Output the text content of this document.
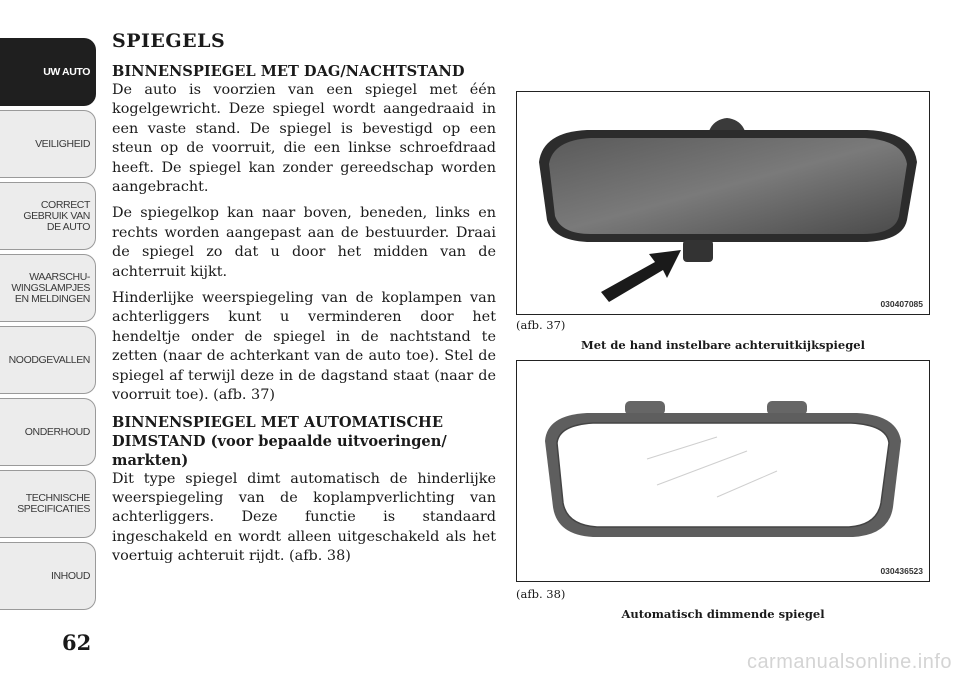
UW AUTO
VEILIGHEID
CORRECT
GEBRUIK VAN
DE AUTO
WAARSCHU-
WINGSLAMPJES
EN MELDINGEN
NOODGEVALLEN
ONDERHOUD
TECHNISCHE
SPECIFICATIES
INHOUD
62
SPIEGELS
BINNENSPIEGEL MET DAG/NACHTSTAND

De auto is voorzien van een spiegel met één kogelgewricht. Deze spiegel wordt aangedraaid in een vaste stand. De spiegel is bevestigd op een steun op de voorruit, die een linkse schroefdraad heeft. De spiegel kan zonder gereedschap worden aangebracht.

De spiegelkop kan naar boven, beneden, links en rechts worden aangepast aan de bestuurder. Draai de spiegel zo dat u door het midden van de achterruit kijkt.

Hinderlijke weerspiegeling van de koplampen van achterliggers kunt u verminderen door het hendeltje onder de spiegel in de nachtstand te zetten (naar de achterkant van de auto toe). Stel de spiegel af terwijl deze in de dagstand staat (naar de voorruit toe). (afb. 37)

BINNENSPIEGEL MET AUTOMATISCHE DIMSTAND (voor bepaalde uitvoeringen/ markten)

Dit type spiegel dimt automatisch de hinderlijke weerspiegeling van de koplampverlichting van achterliggers. Deze functie is standaard ingeschakeld en wordt alleen uitgeschakeld als het voertuig achteruit rijdt. (afb. 38)

030407085
(afb. 37)
Met de hand instelbare achteruitkijkspiegel
030436523
(afb. 38)
Automatisch dimmende spiegel
carmanualsonline.info
